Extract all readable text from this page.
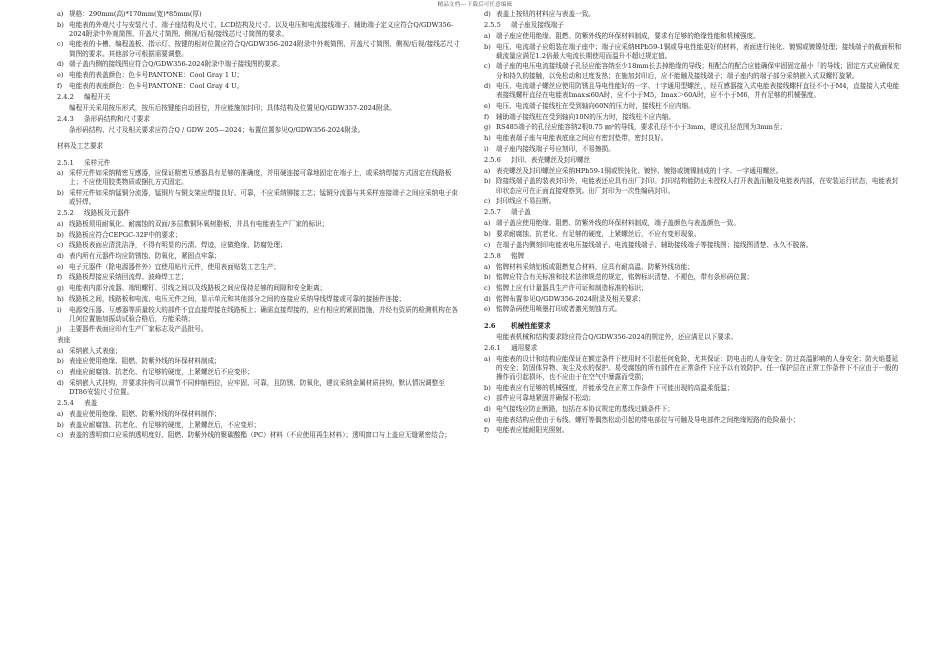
精品文档---下载后可任意编辑
a) 规格：290mm(高)*170mm(宽)*85mm(厚)
b) 电能表的外观尺寸与安装尺寸、端子座结构及尺寸、LCD结构及尺寸、以及电压和电流接线端子、辅助端子定义应符合Q/GDW356-2024附录中外观简图、开盖尺寸简图、侧视/后视/接线芯尺寸简图的要求。
c) 电能表的卡槽、编程盖板、指示灯、按键的相对位置应符合Q/GDW356-2024附录中外观简图、开盖尺寸简图、侧视/后视/接线芯尺寸简图的要求。其他部分可根据需要调整。
d) 端子盖内侧的接线图应符合Q/GDW356-2024附录中端子接线图的要求。
e) 电能表的表盖颜色：色卡号PANTONE：Cool Gray 1 U；
f)	电能表的表座颜色：色卡号PANTONE：Cool Gray 4 U。
2.4.2 编程开关
编程开关采用按压形式，按压后按键能自动回位，并应能施加封印；具体结构及位置见Q/GDW357-2024附录。
2.4.3 条形码结构和尺寸要求
条形码结构、尺寸及相关要求应符合Q / GDW 205—2024；布置位置参见Q/GDW356-2024附录。
材料及工艺要求
2.5.1 采样元件
a) 采样元件如采纳精密互感器，应保证精密互感器具有足够的准确度，并用硬连接可靠地固定在端子上，或采纳焊接方式固定在线路板上；不应使用胶类物质或捆扎方式固定。
b) 采样元件如采纳锰铜分流器，锰铜片与铜支架应焊接良好、可靠，不应采纳铆接工艺；锰铜分流器与其采样连接端子之间应采纳电子束或钎焊。
2.5.2 线路板及元器件
a) 线路板须用耐氧化、耐腐蚀的双面/多层敷铜环氧树脂板，并具有电能表生产厂家的标识；
b) 线路板应符合CEPGC-32F中的要求；
c) 线路板表面应清洗洁净，不得有明显的污渍、焊迹，应做绝缘、防腐处理；
d) 表内所有元器件均应防锈蚀、防氧化，紧固点牢靠；
e) 电子元器件（除电源器件外）宜使用贴片元件，使用表面贴装工艺生产；
f)	线路板焊接应采纳回流焊、波峰焊工艺；
g) 电能表内部分流器、端钮螺钉、引线之间以及线路板之间应保持足够的间隙和安全距离；
h) 线路板之间，线路板和电流、电压元件之间，显示单元和其他部分之间的连接应采纳导线焊接或可靠的接插件连接；
i)	电源变压器、互感器等质量较大的部件不宜直接焊接在线路板上；确需直接焊接的，应有相应的紧固措施，并经有资质的检测机构在各几何位置施加振动试验合格后，方能采纳；
j)	主要器件表面应印有生产厂家标志及产品批号。
表座
a) 采纳嵌入式表座；
b) 表座应使用绝缘、阻燃、防紫外线的环保材料制成；
c) 表座应耐腐蚀、抗老化、有足够的硬度，上紧螺丝后不应变形；
d) 采纳嵌入式挂钩，并要求挂钩可以调节不同伸缩档位，应牢固、可靠，且防锈、防氧化，建议采纳金属材质挂钩，默认情况调整至DT86安装尺寸位置。
2.5.4 表盖
a) 表盖应使用绝缘、阻燃、防紫外线的环保材料制作；
b) 表盖应耐腐蚀、抗老化、有足够的硬度，上紧螺丝后，不应变形；
c) 表盖的透明窗口应采纳透明度好、阻燃、防紫外线的聚碳酸酯（PC）材料（不应使用再生材料）；透明窗口与上盖应无缝紧密结合；
d) 表盖上按钮的材料应与表盖一致。
2.5.5 端子座及接线端子
a) 端子座应使用绝缘、阻燃、防紫外线的环保材料制成，要求有足够的绝缘性能和机械强度。
b) 电压、电流端子应组装在端子座中；端子应采纳HPb59-1铜或导电性能更好的材料，表面进行钝化、镀锡或镀镍处理；接线端子的截面积和载流量应满足1.2倍最大电流长期使用而温升不超过规定值。
c) 端子座的电压电流接线端子孔径应能容纳至少18mm长去掉绝缘的导线；相配合的配合应能确保牢固固定最小「的导线；固定方式应确保充分和持久的接触，以免松动和过度发热；在施加封印后，应不能触及接线端子；端子座内的端子部分采纳嵌入式双螺钉旋紧。
d) 电压、电流端子螺丝应使用防锈且导电性能好的一字、十字通用型螺丝，，经互感器接入式电能表接线螺杆直径不小于M4，直接接入式电能表接线螺杆直径在电能表Imax≤60A时，应不小于M5，Imax＞60A时，应不小于M6，并有足够的机械强度。
e) 电压、电流端子接线柱在受到轴向60N的压力时，接线柱不应内缩。
f)	辅助端子接线柱在受到轴向10N的压力时，接线柱不应内缩。
g) RS485端子的孔径应能容纳2根0.75 ㎜²的导线，要求孔径不小于3mm，建议孔径范围为3mm至；
h) 电能表端子座与电能表底座之间应有密封垫带，密封良好。
i)	端子座内接线端子号应刻印，不易擦损。
2.5.6 封印、表壳螺丝及封印螺丝
a) 表壳螺丝及封印螺丝应采纳HPb59-1铜或铁钝化、镀锌、镀铬或镀镍制成的十字、一字通用螺丝。
b) 除接线端子盖的装表封印外，电能表还应具有出厂封印。封印结构能防止未授权人打开表盖而触及电能表内部，在安装运行状态，电能表封印状态应可在正面直接观察到。出厂封印为一次性编码封印。
c) 封印线应不易拉断。
2.5.7 端子盖
a) 端子盖应使用绝缘、阻燃、防紫外线的环保材料制成，端子盖颜色与表盖颜色一致。
b) 要求耐腐蚀、抗老化、有足够的硬度，上紧螺丝后，不应有变形现象。
c) 在端子盖内侧刻印电能表电压接线端子、电流接线端子、辅助接线端子等接线图；接线图清楚、永久不脱落。
2.5.8 铭牌
a) 铭牌材料采纳铝板或阻燃复合材料，应具有耐高温、防紫外线功能；
b) 铭牌应符合有关标准和技术法律规范的规定，铭牌标识清楚、不褪色，带有条形码位置；
c) 铭牌上应有计量器具生产许可证和制造标准的标识；
d) 铭牌布置参见Q/GDW356-2024附录及相关要求；
e) 铭牌条码使用喷墨打印或者激光刻蚀方式。
2.6 机械性能要求
电能表机械和结构要求除应符合Q/GDW356-2024的规定外，还应满足以下要求。
2.6.1 通用要求
a) 电能表的设计和结构应能保证在额定条件下使用时不引起任何危险，尤其保证：防电击的人身安全；防过高温影响的人身安全；防火焰蔓延的安全；防固体异物、灰尘及水的保护。易受腐蚀的所有部件在正常条件下应予以有效防护。任一保护层在正常工作条件下不应由于一般的操作而引起损坏，也不应由于在空气中暴露而受损；
b) 电能表应有足够的机械强度，并能承受在正常工作条件下可能出现的高温柔低温；
c) 部件应可靠地紧固并确保不松动；
d) 电气接线应防止断路，包括在本协议规定的基线过载条件下；
e) 电能表结构应使由于布线、螺钉等偶然松动引起的带电部位与可触及导电部件之间绝缘短路的危险最小；
f)	电能表应能耐阳光照射。
